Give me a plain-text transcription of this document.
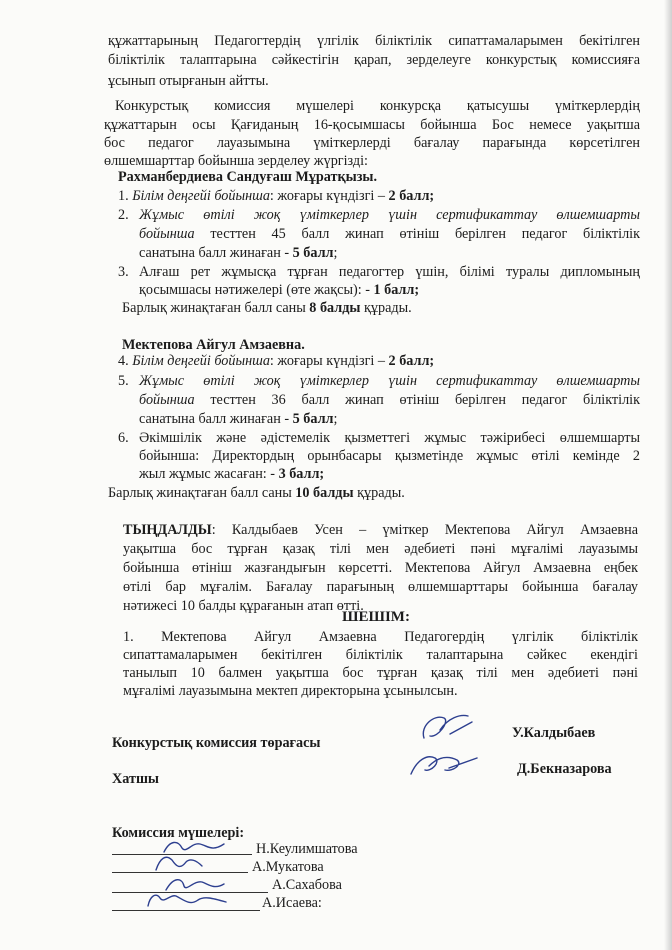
құжаттарының Педагогтердің үлгілік біліктілік сипаттамаларымен бекітілген
біліктілік талаптарына сәйкестігін қарап, зерделеуге конкурстық комиссияға
ұсынып отырғанын айтты.
Конкурстық комиссия мүшелері конкурсқа қатысушы үміткерлердің
құжаттарын осы Қағиданың 16-қосымшасы бойынша Бос немесе уақытша
бос педагог лауазымына үміткерлерді бағалау парағында көрсетілген
өлшемшарттар бойынша зерделеу жүргізді:
Рахманбердиева Сандуғаш Мұратқызы.
1. Білім деңгейі бойынша: жоғары күндізгі – 2 балл;
2. Жұмыс өтілі жоқ үміткерлер үшін сертификаттау өлшемшарты
бойынша тесттен 45 балл жинап өтініш берілген педагог біліктілік
санатына балл жинаған - 5 балл;
3. Алғаш рет жұмысқа тұрған педагогтер үшін, білімі туралы дипломының
қосымшасы нәтижелері (өте жақсы): - 1 балл;
Барлық жинақтаған балл саны 8 балды құрады.
Мектепова Айгул Амзаевна.
4. Білім деңгейі бойынша: жоғары күндізгі – 2 балл;
5. Жұмыс өтілі жоқ үміткерлер үшін сертификаттау өлшемшарты
бойынша тесттен 36 балл жинап өтініш берілген педагог біліктілік
санатына балл жинаған - 5 балл;
6. Әкімшілік және әдістемелік қызметтегі жұмыс тәжірибесі өлшемшарты
бойынша: Директордың орынбасары қызметінде жұмыс өтілі кемінде 2
жыл жұмыс жасаған: - 3 балл;
Барлық жинақтаған балл саны 10 балды құрады.
ТЫҢДАЛДЫ: Калдыбаев Усен – үміткер Мектепова Айгул Амзаевна
уақытша бос тұрған қазақ тілі мен әдебиеті пәні мұғалімі лауазымы
бойынша өтініш жазғандығын көрсетті. Мектепова Айгул Амзаевна еңбек
өтілі бар мұғалім. Бағалау парағының өлшемшарттары бойынша бағалау
нәтижесі 10 балды құрағанын атап өтті.
ШЕШІМ:
1. Мектепова Айгул Амзаевна Педагогердің үлгілік біліктілік
сипаттамаларымен бекітілген біліктілік талаптарына сәйкес екендігі
танылып 10 балмен уақытша бос тұрған қазақ тілі мен әдебиеті пәні
мұғалімі лауазымына мектеп директорына ұсынылсын.
Конкурстық комиссия төрағасы
У.Калдыбаев
Хатшы
Д.Бекназарова
Комиссия мүшелері:
Н.Кеулимшатова
А.Мукатова
А.Сахабова
А.Исаева:
